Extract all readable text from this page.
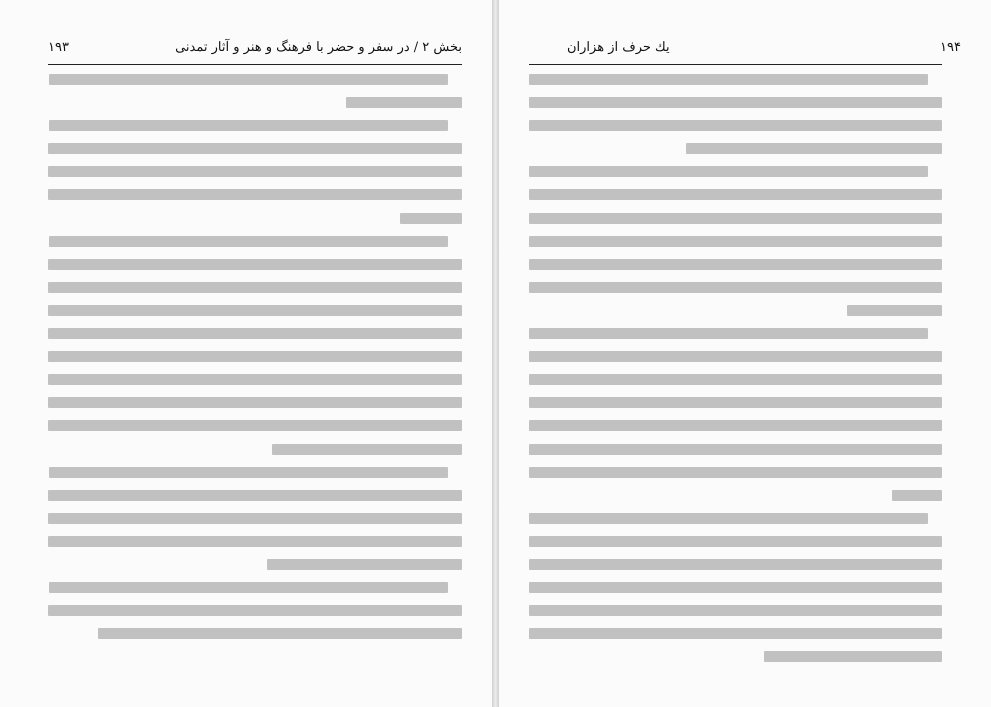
بخش ۲ / در سفر و حضر با فرهنگ و هنر و آثار تمدنی
۱۹۳	۱۹۴
یك حرف از هزاران
